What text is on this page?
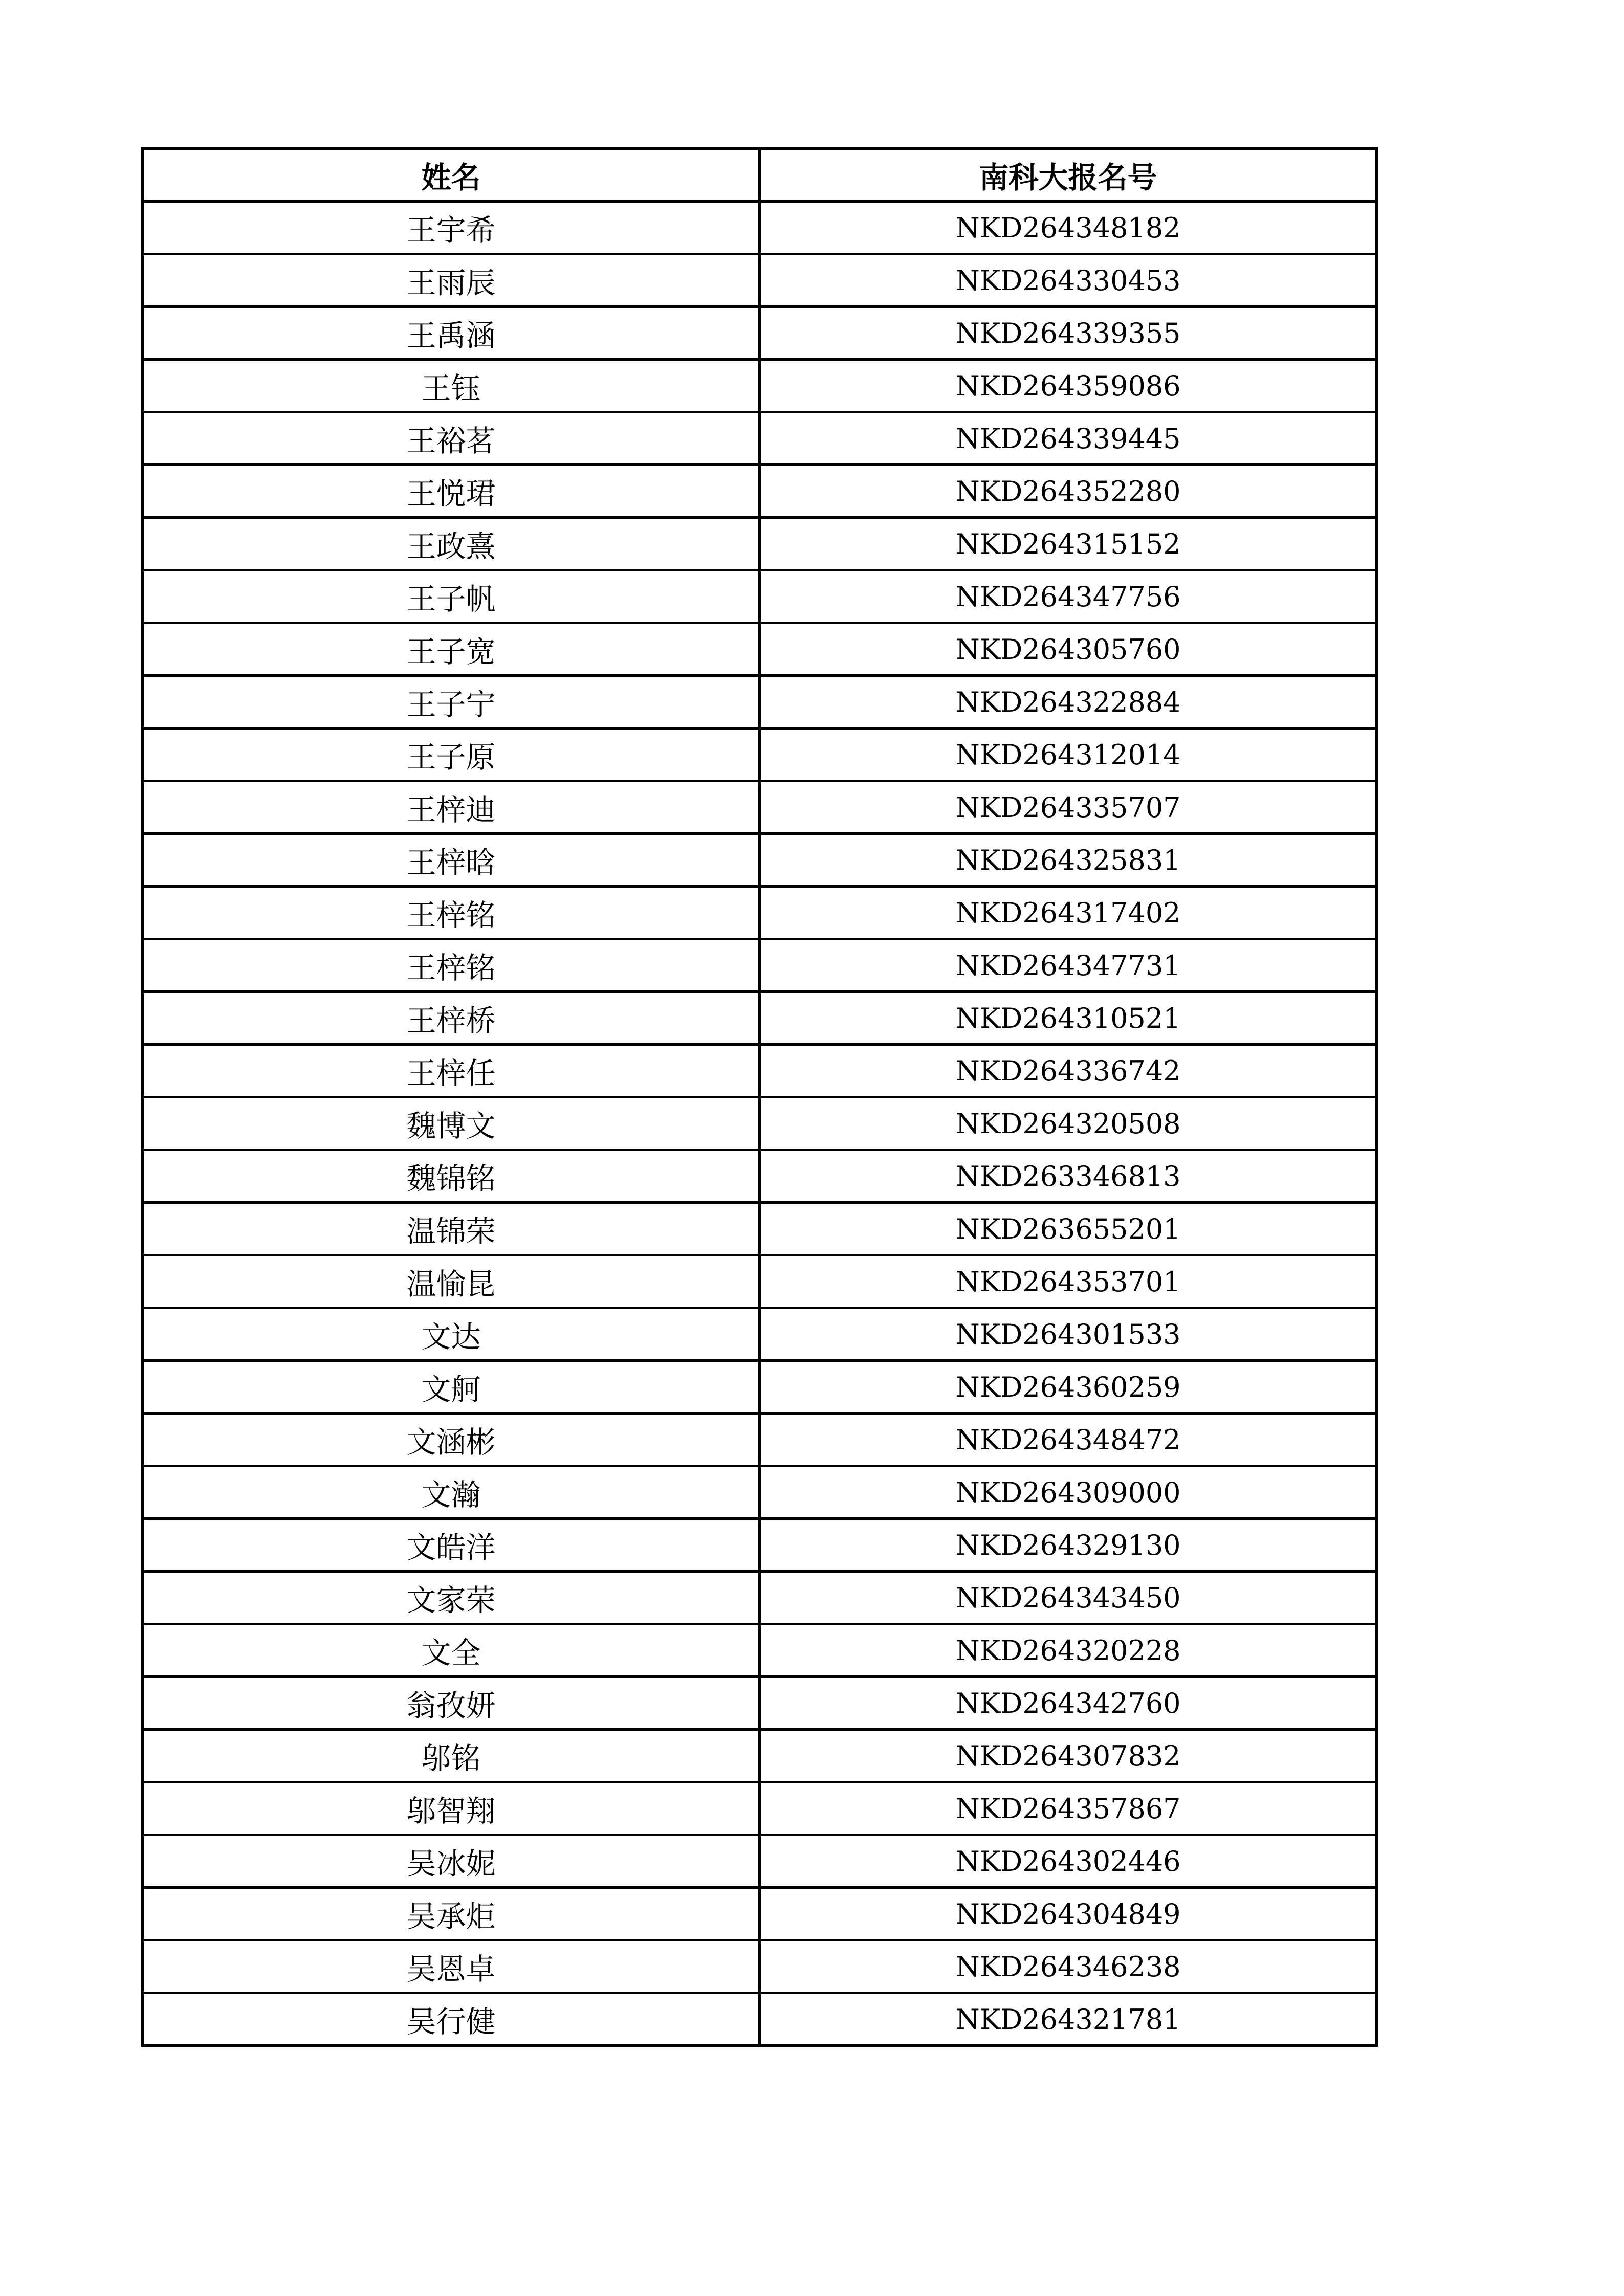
姓名	南科大报名号
王宇希	NKD264348182
王雨辰	NKD264330453
王禹涵	NKD264339355
王钰	NKD264359086
王裕茗	NKD264339445
王悦珺	NKD264352280
王政熹	NKD264315152
王子帆	NKD264347756
王子宽	NKD264305760
王子宁	NKD264322884
王子原	NKD264312014
王梓迪	NKD264335707
王梓晗	NKD264325831
王梓铭	NKD264317402
王梓铭	NKD264347731
王梓桥	NKD264310521
王梓任	NKD264336742
魏博文	NKD264320508
魏锦铭	NKD263346813
温锦荣	NKD263655201
温愉昆	NKD264353701
文达	NKD264301533
文舸	NKD264360259
文涵彬	NKD264348472
文瀚	NKD264309000
文皓洋	NKD264329130
文家荣	NKD264343450
文全	NKD264320228
翁孜妍	NKD264342760
邬铭	NKD264307832
邬智翔	NKD264357867
吴冰妮	NKD264302446
吴承炬	NKD264304849
吴恩卓	NKD264346238
吴行健	NKD264321781
